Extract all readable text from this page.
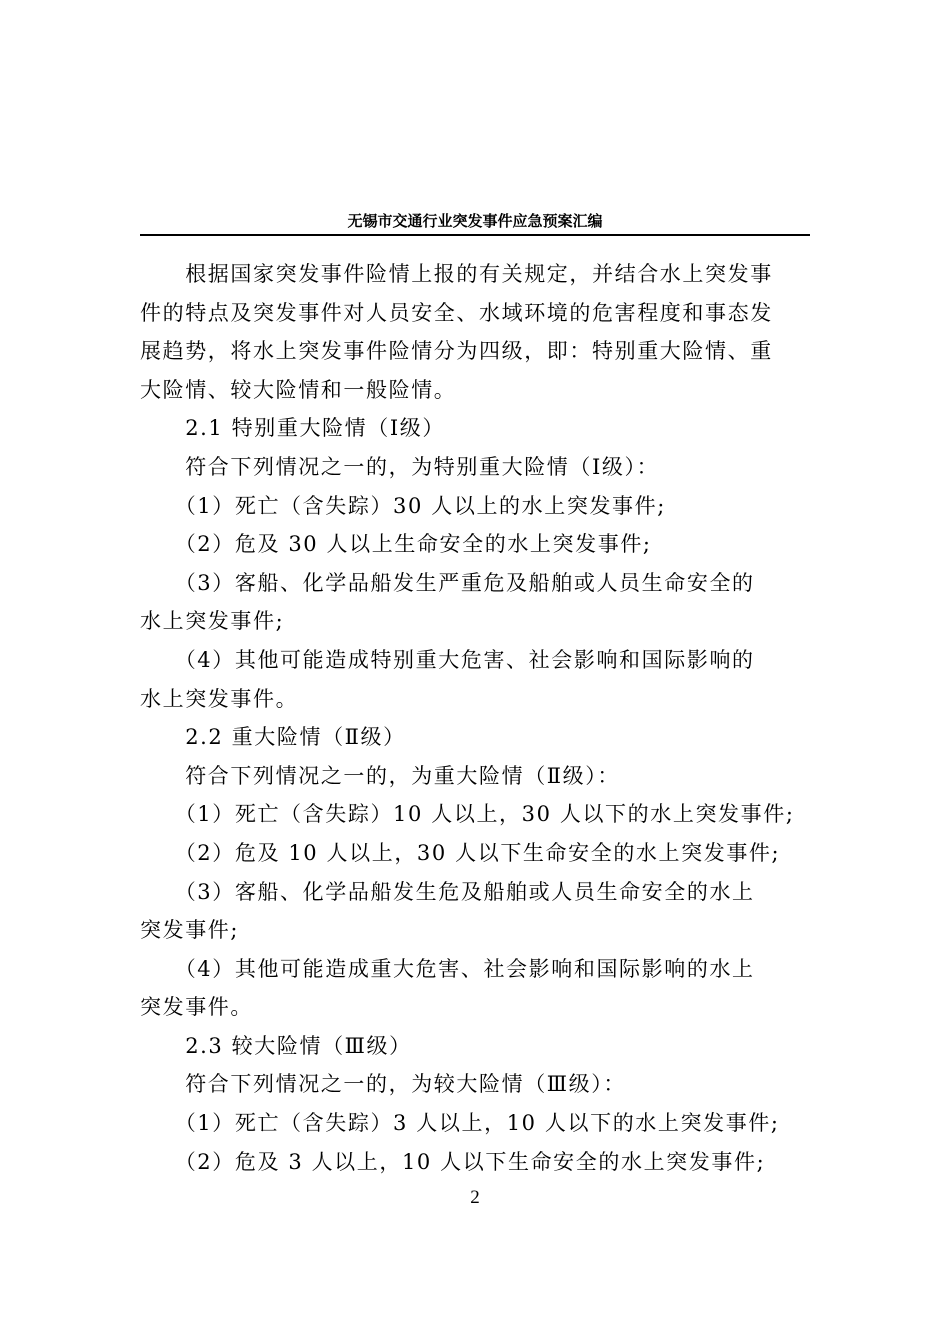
无锡市交通行业突发事件应急预案汇编

　　根据国家突发事件险情上报的有关规定，并结合水上突发事

件的特点及突发事件对人员安全、水域环境的危害程度和事态发

展趋势，将水上突发事件险情分为四级，即：特别重大险情、重

大险情、较大险情和一般险情。

　　2.1 特别重大险情（Ⅰ级）

　　符合下列情况之一的，为特别重大险情（Ⅰ级）：

　　（1）死亡（含失踪）30 人以上的水上突发事件;

　　（2）危及 30 人以上生命安全的水上突发事件;

　　（3）客船、化学品船发生严重危及船舶或人员生命安全的

水上突发事件;

　　（4）其他可能造成特别重大危害、社会影响和国际影响的

水上突发事件。

　　2.2 重大险情（Ⅱ级）

　　符合下列情况之一的，为重大险情（Ⅱ级）：

　　（1）死亡（含失踪）10 人以上，30 人以下的水上突发事件;

　　（2）危及 10 人以上，30 人以下生命安全的水上突发事件;

　　（3）客船、化学品船发生危及船舶或人员生命安全的水上

突发事件;

　　（4）其他可能造成重大危害、社会影响和国际影响的水上

突发事件。

　　2.3 较大险情（Ⅲ级）

　　符合下列情况之一的，为较大险情（Ⅲ级）：

　　（1）死亡（含失踪）3 人以上，10 人以下的水上突发事件;

　　（2）危及 3 人以上，10 人以下生命安全的水上突发事件;

2
